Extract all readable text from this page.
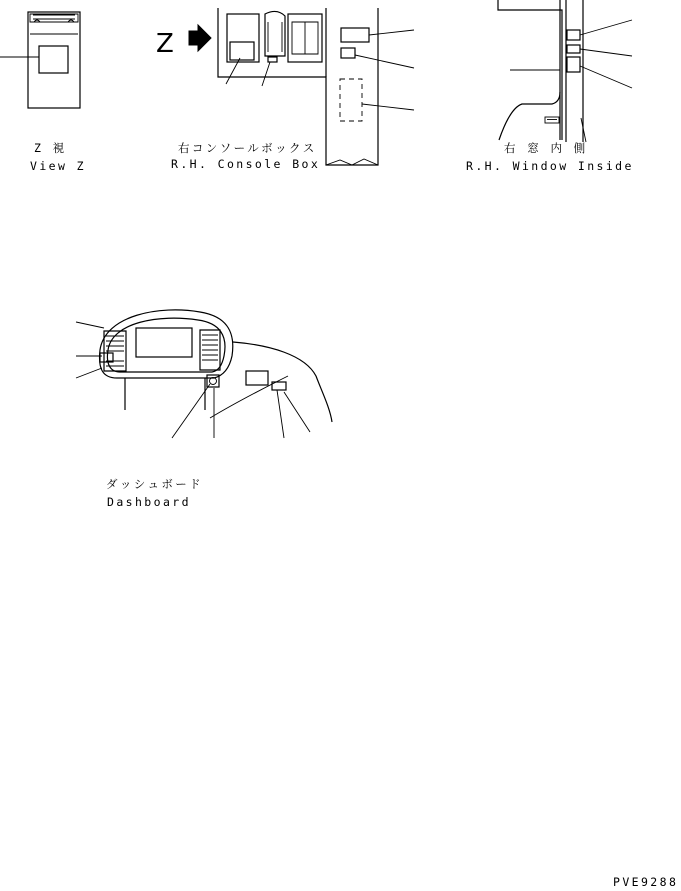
Z 視
View Z
Z
右コンソールボックス
R.H. Console Box
右 窓 内 側
R.H. Window Inside
ダッシュボード
Dashboard
PVE9288
